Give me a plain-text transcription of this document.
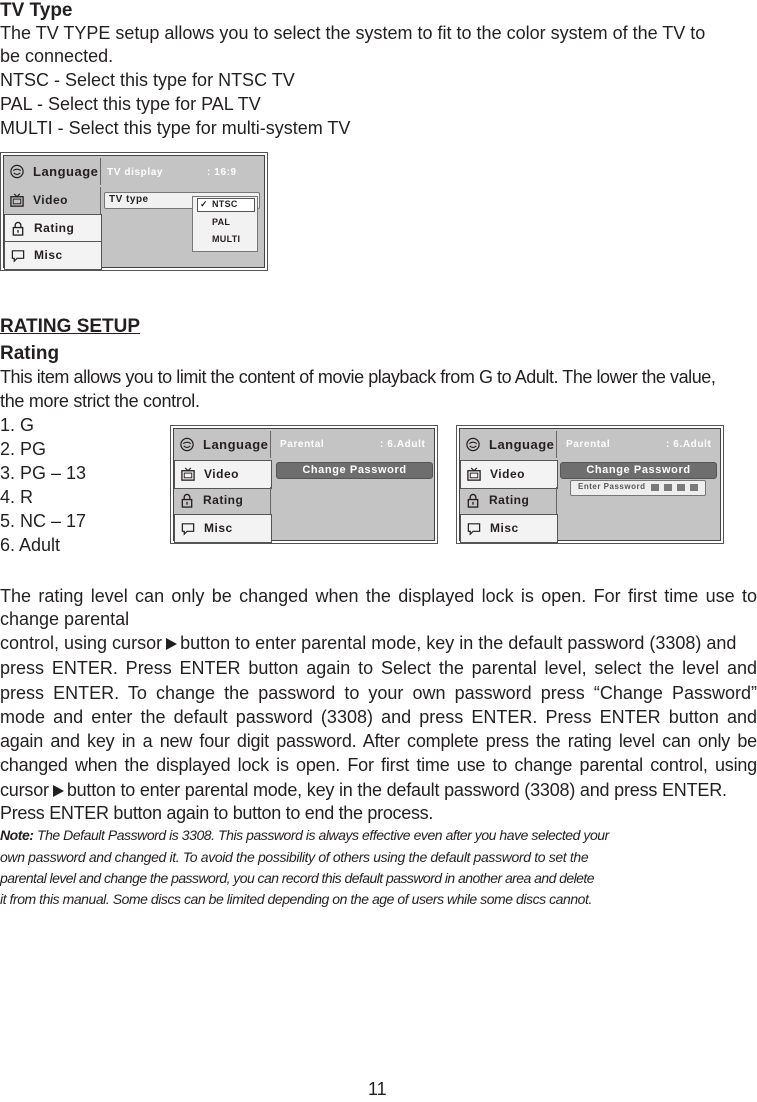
TV Type
The TV TYPE setup allows you to select the system to fit to the color system of the TV to
be connected.
NTSC - Select this type for NTSC TV
PAL - Select this type for PAL TV
MULTI - Select this type for multi-system TV
Language
Video
Rating
Misc
TV display	: 16:9
TV type	✓ NTSC
PAL
MULTI
RATING SETUP
Rating
This item allows you to limit the content of movie playback from G to Adult. The lower the value,
the more strict the control.
1. G
2. PG
3. PG – 13
4. R
5. NC – 17
6. Adult
Language
Video
Rating
Misc
Parental	: 6.Adult
Change Password
Language
Video
Rating
Misc
Parental	: 6.Adult
Change Password
Enter Password
The rating level can only be changed when the displayed lock is open. For first time use to
change parental
control, using cursor button to enter parental mode, key in the default password (3308) and
press ENTER. Press ENTER button again to Select the parental level, select the level and
press ENTER. To change the password to your own password press “Change Password”
mode and enter the default password (3308) and press ENTER. Press ENTER button and
again and key in a new four digit password. After complete press the rating level can only be
changed when the displayed lock is open. For first time use to change parental control, using
cursor button to enter parental mode, key in the default password (3308) and press ENTER.
Press ENTER button again to button to end the process.
Note: The Default Password is 3308. This password is always effective even after you have selected your
own password and changed it. To avoid the possibility of others using the default password to set the
parental level and change the password, you can record this default password in another area and delete
it from this manual. Some discs can be limited depending on the age of users while some discs cannot.
11
